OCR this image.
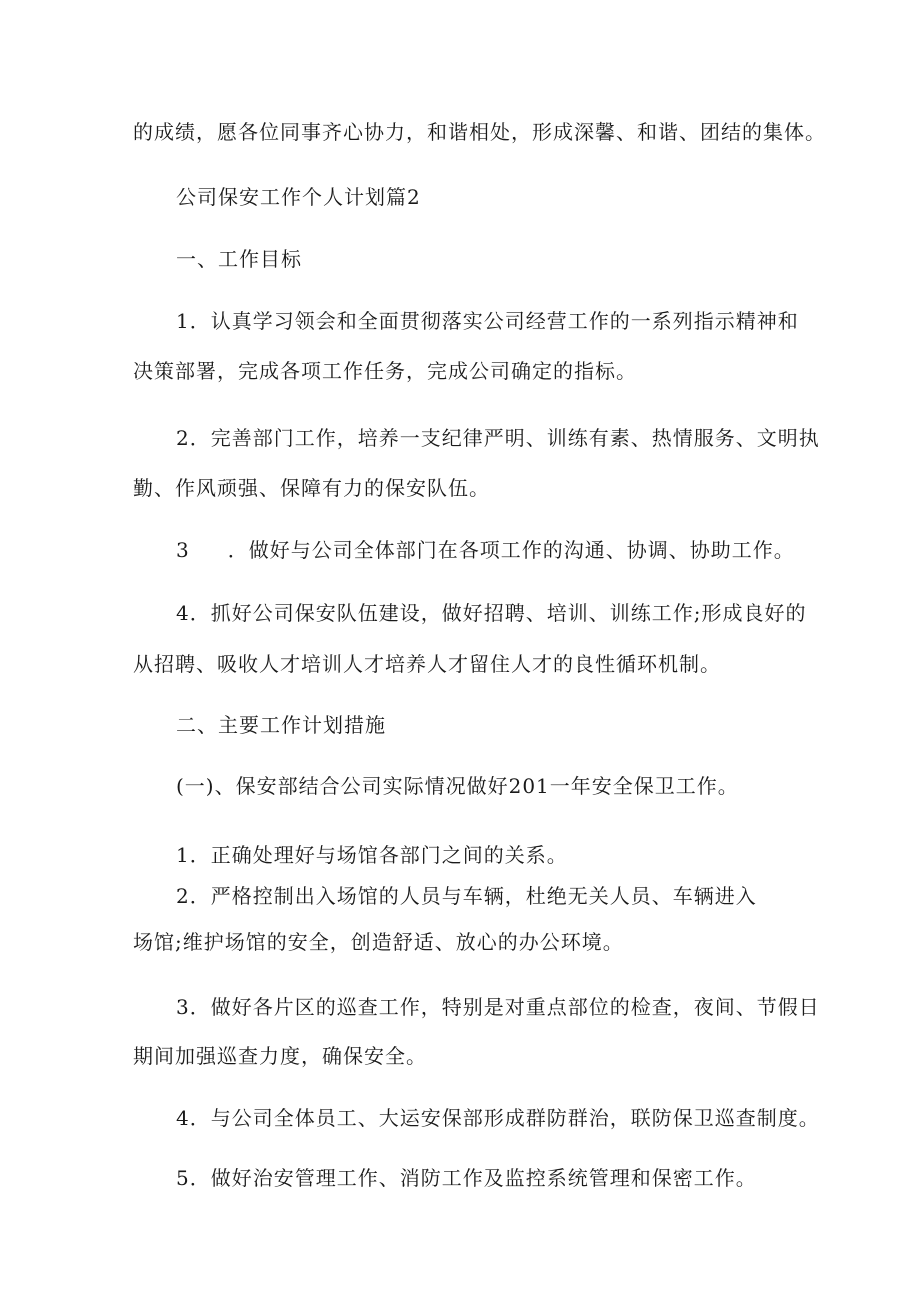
的成绩，愿各位同事齐心协力，和谐相处，形成深馨、和谐、团结的集体。
公司保安工作个人计划篇2
一、工作目标
1．认真学习领会和全面贯彻落实公司经营工作的一系列指示精神和
决策部署，完成各项工作任务，完成公司确定的指标。
2．完善部门工作，培养一支纪律严明、训练有素、热情服务、文明执
勤、作风顽强、保障有力的保安队伍。
3 ．做好与公司全体部门在各项工作的沟通、协调、协助工作。
4．抓好公司保安队伍建设，做好招聘、培训、训练工作;形成良好的
从招聘、吸收人才培训人才培养人才留住人才的良性循环机制。
二、主要工作计划措施
(一)、保安部结合公司实际情况做好201一年安全保卫工作。
1．正确处理好与场馆各部门之间的关系。
2．严格控制出入场馆的人员与车辆，杜绝无关人员、车辆进入
场馆;维护场馆的安全，创造舒适、放心的办公环境。
3．做好各片区的巡查工作，特别是对重点部位的检查，夜间、节假日
期间加强巡查力度，确保安全。
4．与公司全体员工、大运安保部形成群防群治，联防保卫巡查制度。
5．做好治安管理工作、消防工作及监控系统管理和保密工作。
